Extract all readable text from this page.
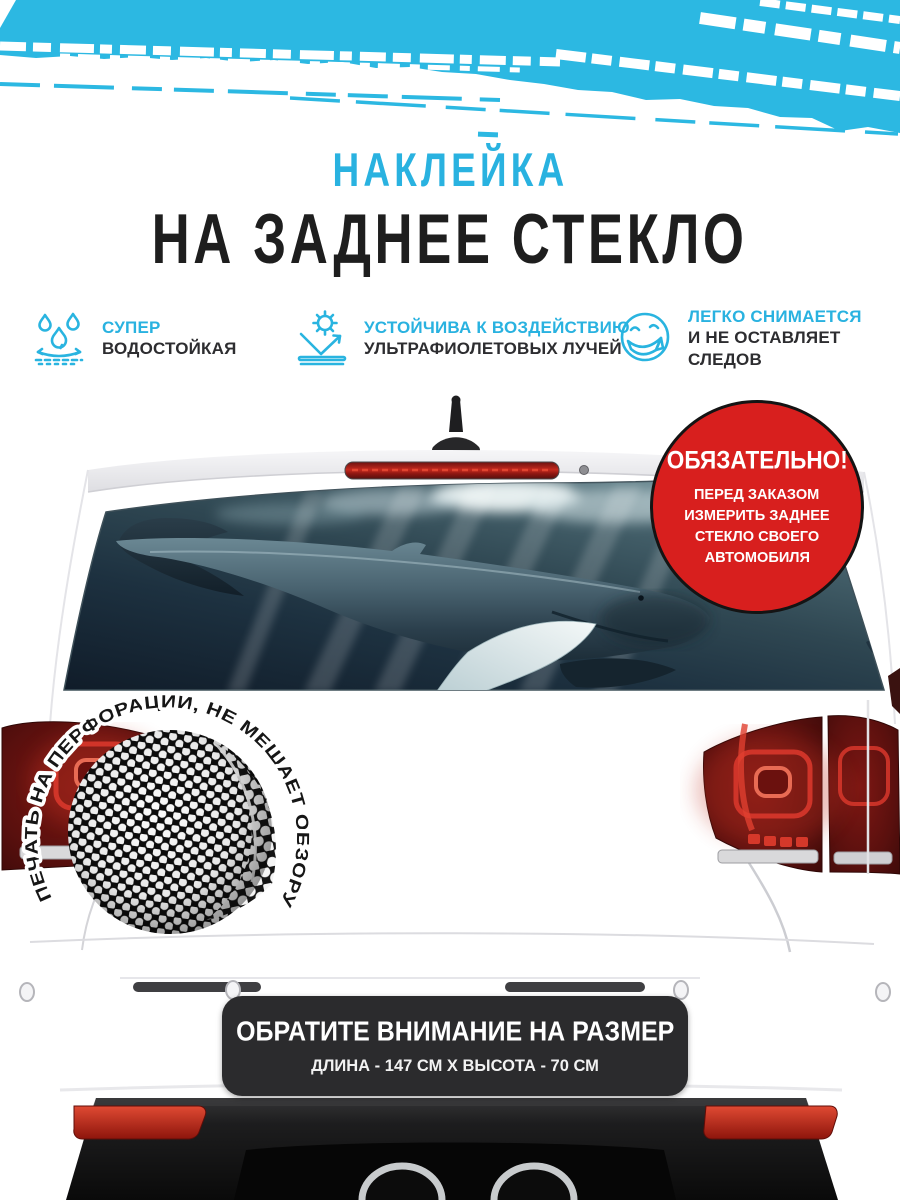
ПЕЧАТЬ НА ПЕРФОРАЦИИ, НЕ МЕШАЕТ ОБЗОРУ
НАКЛЕЙКА
НА ЗАДНЕЕ СТЕКЛО
СУПЕР
ВОДОСТОЙКАЯ
УСТОЙЧИВА К ВОЗДЕЙСТВИЮ
УЛЬТРАФИОЛЕТОВЫХ ЛУЧЕЙ
ЛЕГКО СНИМАЕТСЯ
И НЕ ОСТАВЛЯЕТ СЛЕДОВ
ОБЯЗАТЕЛЬНО!
ПЕРЕД ЗАКАЗОМ
ИЗМЕРИТЬ ЗАДНЕЕ
СТЕКЛО СВОЕГО
АВТОМОБИЛЯ
ОБРАТИТЕ ВНИМАНИЕ НА РАЗМЕР
ДЛИНА - 147 СМ Х ВЫСОТА - 70 СМ
